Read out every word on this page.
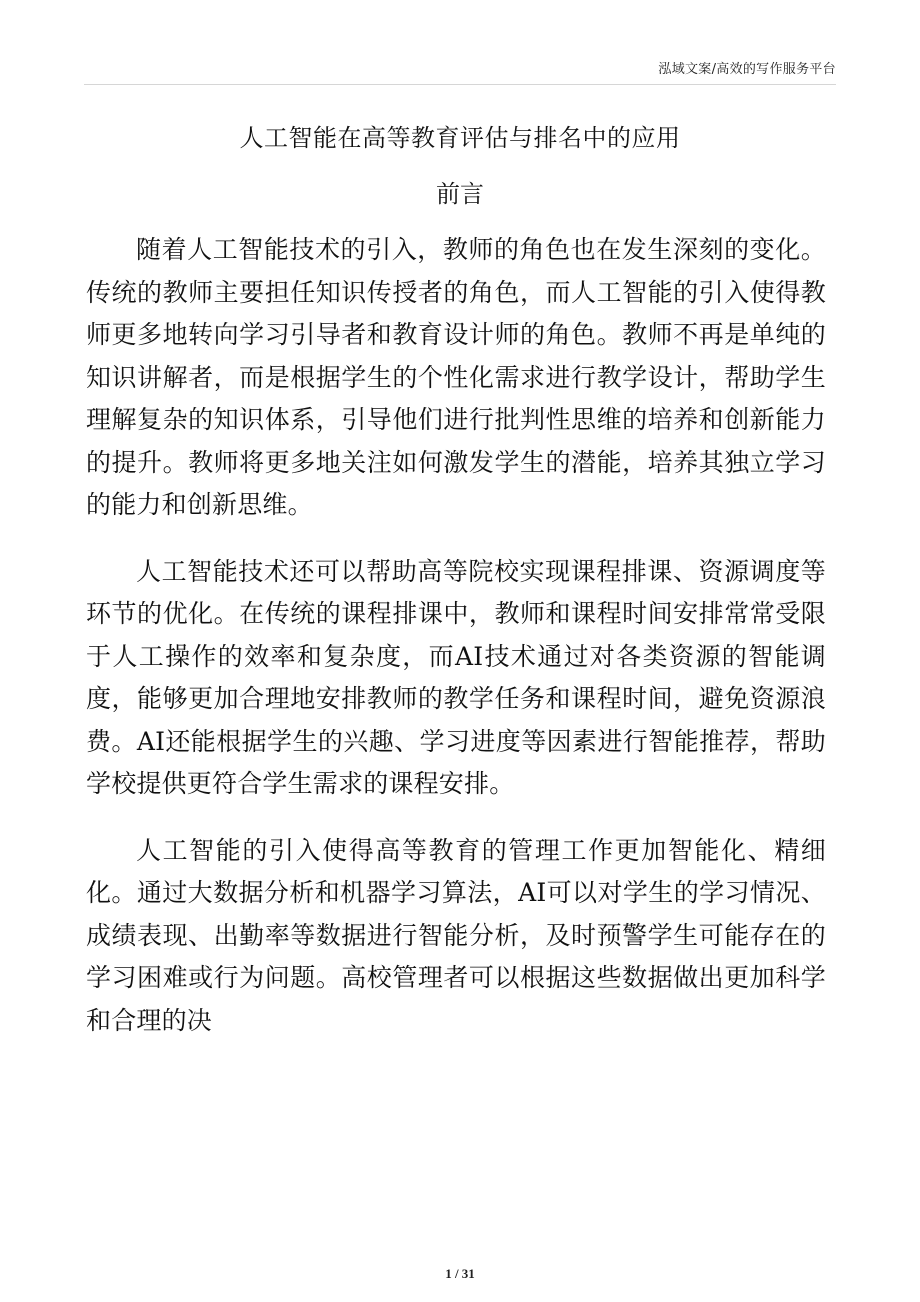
泓域文案/高效的写作服务平台
人工智能在高等教育评估与排名中的应用
前言

随着人工智能技术的引入，教师的角色也在发生深刻的变化。传统的教师主要担任知识传授者的角色，而人工智能的引入使得教师更多地转向学习引导者和教育设计师的角色。教师不再是单纯的知识讲解者，而是根据学生的个性化需求进行教学设计，帮助学生理解复杂的知识体系，引导他们进行批判性思维的培养和创新能力的提升。教师将更多地关注如何激发学生的潜能，培养其独立学习的能力和创新思维。

人工智能技术还可以帮助高等院校实现课程排课、资源调度等环节的优化。在传统的课程排课中，教师和课程时间安排常常受限于人工操作的效率和复杂度，而AI技术通过对各类资源的智能调度，能够更加合理地安排教师的教学任务和课程时间，避免资源浪费。AI还能根据学生的兴趣、学习进度等因素进行智能推荐，帮助学校提供更符合学生需求的课程安排。

人工智能的引入使得高等教育的管理工作更加智能化、精细化。通过大数据分析和机器学习算法，AI可以对学生的学习情况、成绩表现、出勤率等数据进行智能分析，及时预警学生可能存在的学习困难或行为问题。高校管理者可以根据这些数据做出更加科学和合理的决

1 / 31
